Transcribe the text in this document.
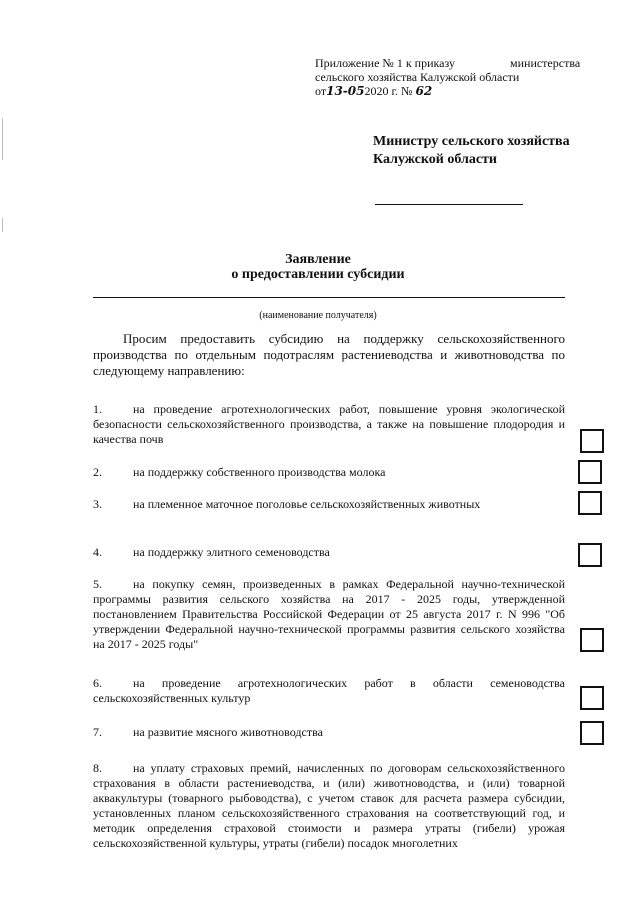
Приложение № 1 к приказу	министерства
сельского хозяйства Калужской области
от13-052020 г. № 62
Министру сельского хозяйства Калужской области
Заявление
о предоставлении субсидии
(наименование получателя)
Просим предоставить субсидию на поддержку сельскохозяйственного производства по отдельным подотраслям растениеводства и животноводства по следующему направлению:
1.	на проведение агротехнологических работ, повышение уровня экологической безопасности сельскохозяйственного производства, а также на повышение плодородия и качества почв
2.	на поддержку собственного производства молока
3.	на племенное маточное поголовье сельскохозяйственных животных
4.	на поддержку элитного семеноводства
5.	на покупку семян, произведенных в рамках Федеральной научно-технической программы развития сельского хозяйства на 2017 - 2025 годы, утвержденной постановлением Правительства Российской Федерации от 25 августа 2017 г. N 996 "Об утверждении Федеральной научно-технической программы развития сельского хозяйства на 2017 - 2025 годы"
6.	на проведение агротехнологических работ в области семеноводства сельскохозяйственных культур
7.	на развитие мясного животноводства
8.	на уплату страховых премий, начисленных по договорам сельскохозяйственного страхования в области растениеводства, и (или) животноводства, и (или) товарной аквакультуры (товарного рыбоводства), с учетом ставок для расчета размера субсидии, установленных планом сельскохозяйственного страхования на соответствующий год, и методик определения страховой стоимости и размера утраты (гибели) урожая сельскохозяйственной культуры, утраты (гибели) посадок многолетних
